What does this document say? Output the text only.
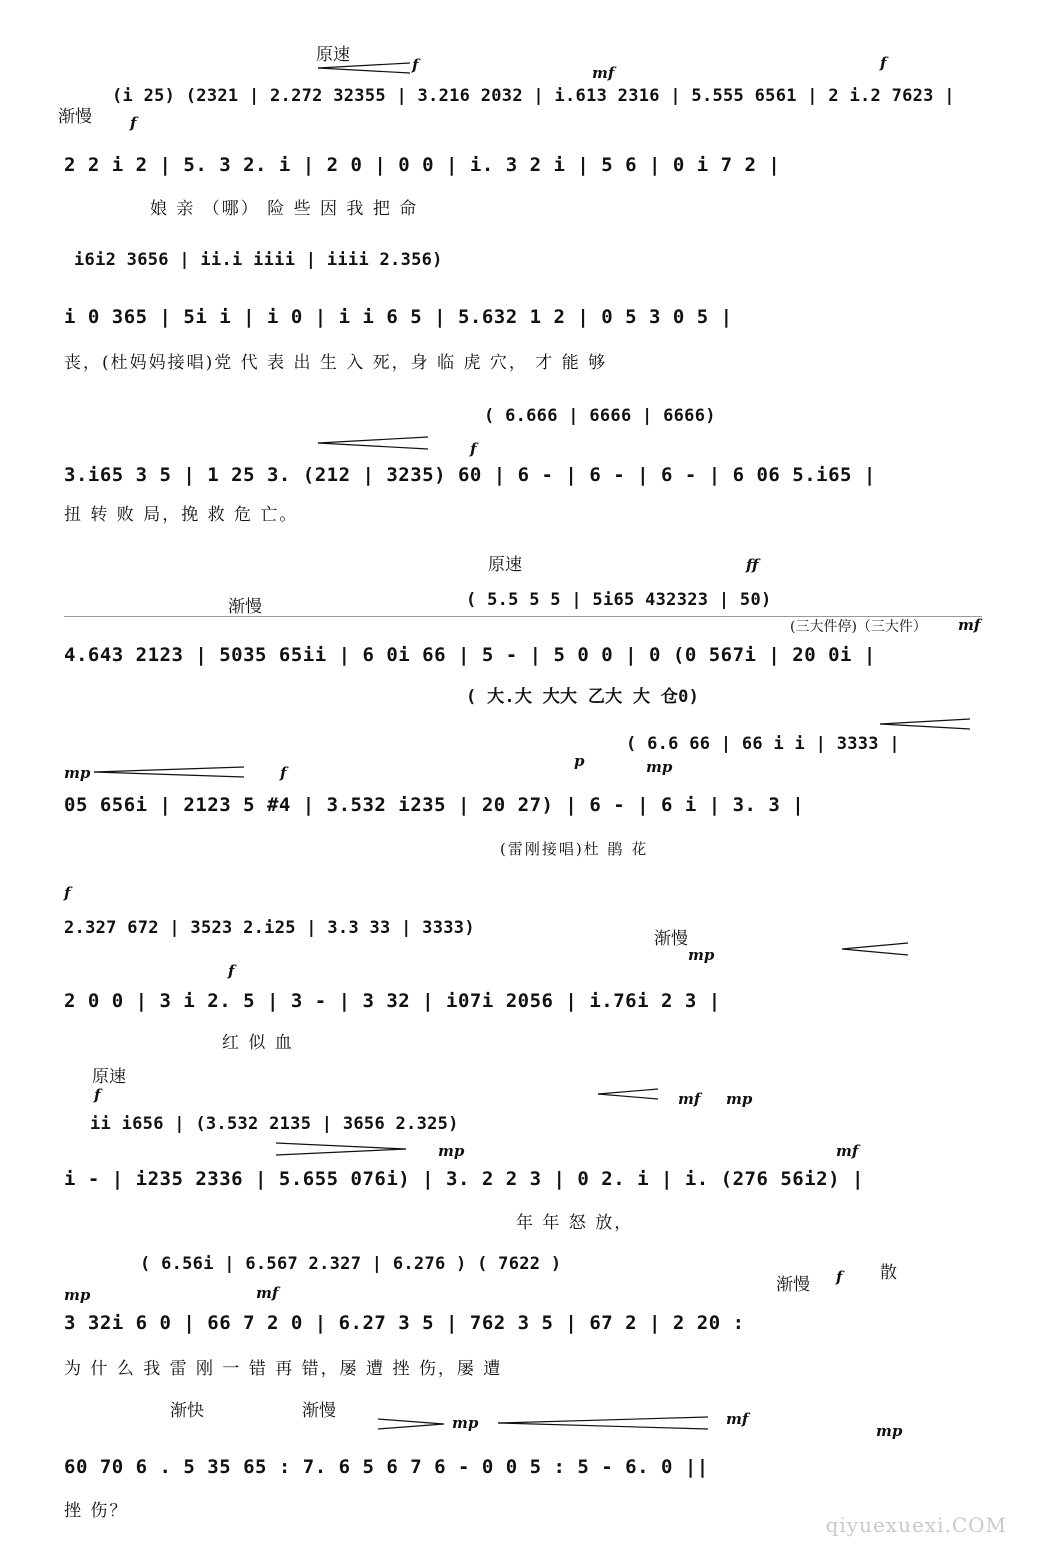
原速
渐慢
f	mf
f
f
(i 25) (2321 | 2.272 32355 | 3.216 2032 | i.613 2316 | 5.555 6561 | 2 i.2 7623 |
2 2 i 2 | 5. 3 2. i | 2 0 | 0 0 | i. 3 2 i | 5 6 | 0 i 7 2 |
娘 亲 （哪） 险 些 因 我 把 命
i6i2 3656 | ii.i iiii | iiii 2.356)
i 0 365 | 5i i | i 0 | i i 6 5 | 5.632 1 2 | 0 5 3 0 5 |
丧，(杜妈妈接唱)党 代 表 出 生 入 死，身 临 虎 穴， 才 能 够
( 6.666 | 6666 | 6666)
f
3.i65 3 5 | 1 25 3. (212 | 3235) 60 | 6 - | 6 - | 6 - | 6 06 5.i65 |
扭 转 败 局，挽 救 危 亡。
渐慢
原速	ff
( 5.5 5 5 | 5i65 432323 | 50)
(三大件停)（三大件）	mf
4.643 2123 | 5035 65ii | 6 0i 66 | 5 - | 5 0 0 | 0 (0 567i | 20 0i |
( 大.大 大大 乙大 大 仓0)
( 6.6 66 | 66 i i | 3333 |
mp	f
p	mp
05 656i | 2123 5 #4 | 3.532 i235 | 20 27) | 6 - | 6 i | 3. 3 |
(雷刚接唱)杜 鹃 花
f
2.327 672 | 3523 2.i25 | 3.3 33 | 3333)
渐慢
mp
f
2 0 0 | 3 i 2. 5 | 3 - | 3 32 | i07i 2056 | i.76i 2 3 |
红 似 血
原速
f
ii i656 | (3.532 2135 | 3656 2.325)
mf mp
mp	mf
i - | i235 2336 | 5.655 076i) | 3. 2 2 3 | 0 2. i | i. (276 56i2) |
年 年 怒 放，
( 6.56i | 6.567 2.327 | 6.276 ) ( 7622 )
渐慢 f 散
mp	mf
3 32i 6 0 | 66 7 2 0 | 6.27 3 5 | 762 3 5 | 67 2 | 2 20 :
为 什 么 我 雷 刚 一 错 再 错，屡 遭 挫 伤，屡 遭
渐快	渐慢
mp	mf
mp
60 70 6 . 5 35 65 : 7. 6 5 6 7 6 - 0 0 5 : 5 - 6. 0 ||
挫 伤？
qiyuexuexi.COM
